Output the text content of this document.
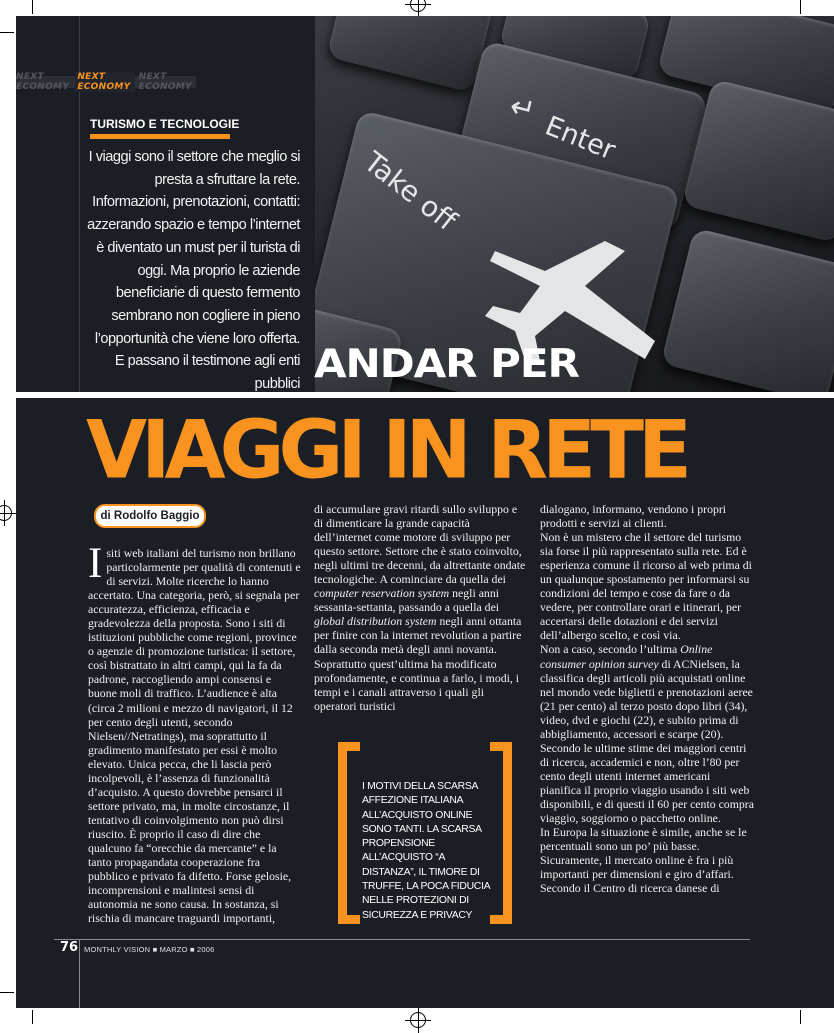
Enter
↵
Take off
NEXT ECONOMY
NEXT ECONOMY
NEXT ECONOMY
TURISMO E TECNOLOGIE
I viaggi sono il settore che meglio si presta a sfruttare la rete. Informazioni, prenotazioni, contatti: azzerando spazio e tempo l’internet è diventato un must per il turista di oggi. Ma proprio le aziende beneficiarie di questo fermento sembrano non cogliere in pieno l’opportunità che viene loro offerta. E passano il testimone agli enti pubblici ANDAR PER
VIAGGI IN RETE
di Rodolfo Baggio
Isiti web italiani del turismo non brillano particolarmente per qualità di contenuti e di servizi. Molte ricerche lo hanno accertato. Una categoria, però, si segnala per accuratezza, efficienza, efficacia e gradevolezza della proposta. Sono i siti di istituzioni pubbliche come regioni, province o agenzie di promozione turistica: il settore, così bistrattato in altri campi, qui la fa da padrone, raccogliendo ampi consensi e buone moli di traffico. L’audience è alta (circa 2 milioni e mezzo di navigatori, il 12 per cento degli utenti, secondo Nielsen//Netratings), ma soprattutto il gradimento manifestato per essi è molto elevato. Unica pecca, che li lascia però incolpevoli, è l’assenza di funzionalità d’acquisto. A questo dovrebbe pensarci il settore privato, ma, in molte circostanze, il tentativo di coinvolgimento non può dirsi riuscito. È proprio il caso di dire che qualcuno fa “orecchie da mercante” e la tanto propagandata cooperazione fra pubblico e privato fa difetto. Forse gelosie, incomprensioni e malintesi sensi di autonomia ne sono causa. In sostanza, si rischia di mancare traguardi importanti,
di accumulare gravi ritardi sullo sviluppo e di dimenticare la grande capacità dell’internet come motore di sviluppo per questo settore. Settore che è stato coinvolto, negli ultimi tre decenni, da altrettante ondate tecnologiche. A cominciare da quella dei computer reservation system negli anni sessanta-settanta, passando a quella dei global distribution system negli anni ottanta per finire con la internet revolution a partire dalla seconda metà degli anni novanta. Soprattutto quest’ultima ha modificato profondamente, e continua a farlo, i modi, i tempi e i canali attraverso i quali gli operatori turistici
I MOTIVI DELLA SCARSA AFFEZIONE ITALIANA ALL’ACQUISTO ONLINE SONO TANTI. LA SCARSA PROPENSIONE ALL’ACQUISTO “A DISTANZA”, IL TIMORE DI TRUFFE, LA POCA FIDUCIA NELLE PROTEZIONI DI SICUREZZA E PRIVACY

dialogano, informano, vendono i propri prodotti e servizi ai clienti.

Non è un mistero che il settore del turismo sia forse il più rappresentato sulla rete. Ed è esperienza comune il ricorso al web prima di un qualunque spostamento per informarsi su condizioni del tempo e cose da fare o da vedere, per controllare orari e itinerari, per accertarsi delle dotazioni e dei servizi dell’albergo scelto, e così via.

Non a caso, secondo l’ultima Online consumer opinion survey di ACNielsen, la classifica degli articoli più acquistati online nel mondo vede biglietti e prenotazioni aeree (21 per cento) al terzo posto dopo libri (34), video, dvd e giochi (22), e subito prima di abbigliamento, accessori e scarpe (20). Secondo le ultime stime dei maggiori centri di ricerca, accademici e non, oltre l’80 per cento degli utenti internet americani pianifica il proprio viaggio usando i siti web disponibili, e di questi il 60 per cento compra viaggio, soggiorno o pacchetto online.

In Europa la situazione è simile, anche se le percentuali sono un po’ più basse. Sicuramente, il mercato online è fra i più importanti per dimensioni e giro d’affari. Secondo il Centro di ricerca danese di

76 MONTHLY VISION ■ MARZO ■ 2006
